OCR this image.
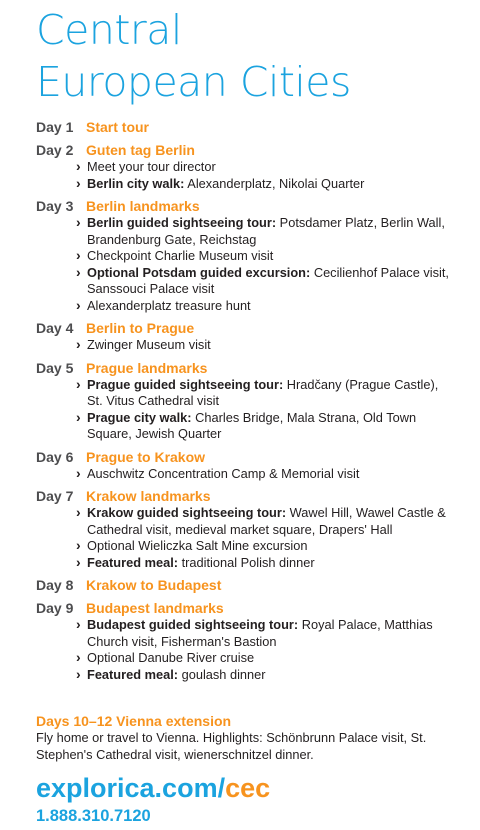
Central
European Cities
Day 1 Start tour
Day 2 Guten tag Berlin
› Meet your tour director
› Berlin city walk: Alexanderplatz, Nikolai Quarter
Day 3 Berlin landmarks
› Berlin guided sightseeing tour: Potsdamer Platz, Berlin Wall, Brandenburg Gate, Reichstag
› Checkpoint Charlie Museum visit
› Optional Potsdam guided excursion: Cecilienhof Palace visit, Sanssouci Palace visit
› Alexanderplatz treasure hunt
Day 4 Berlin to Prague
› Zwinger Museum visit
Day 5 Prague landmarks
› Prague guided sightseeing tour: Hradčany (Prague Castle), St. Vitus Cathedral visit
› Prague city walk: Charles Bridge, Mala Strana, Old Town Square, Jewish Quarter
Day 6 Prague to Krakow
› Auschwitz Concentration Camp & Memorial visit
Day 7 Krakow landmarks
› Krakow guided sightseeing tour: Wawel Hill, Wawel Castle & Cathedral visit, medieval market square, Drapers' Hall
› Optional Wieliczka Salt Mine excursion
› Featured meal: traditional Polish dinner
Day 8 Krakow to Budapest
Day 9 Budapest landmarks
› Budapest guided sightseeing tour: Royal Palace, Matthias Church visit, Fisherman's Bastion
› Optional Danube River cruise
› Featured meal: goulash dinner
Days 10–12 Vienna extension
Fly home or travel to Vienna. Highlights: Schönbrunn Palace visit, St. Stephen's Cathedral visit, wienerschnitzel dinner.
explorica.com/cec
1.888.310.7120
